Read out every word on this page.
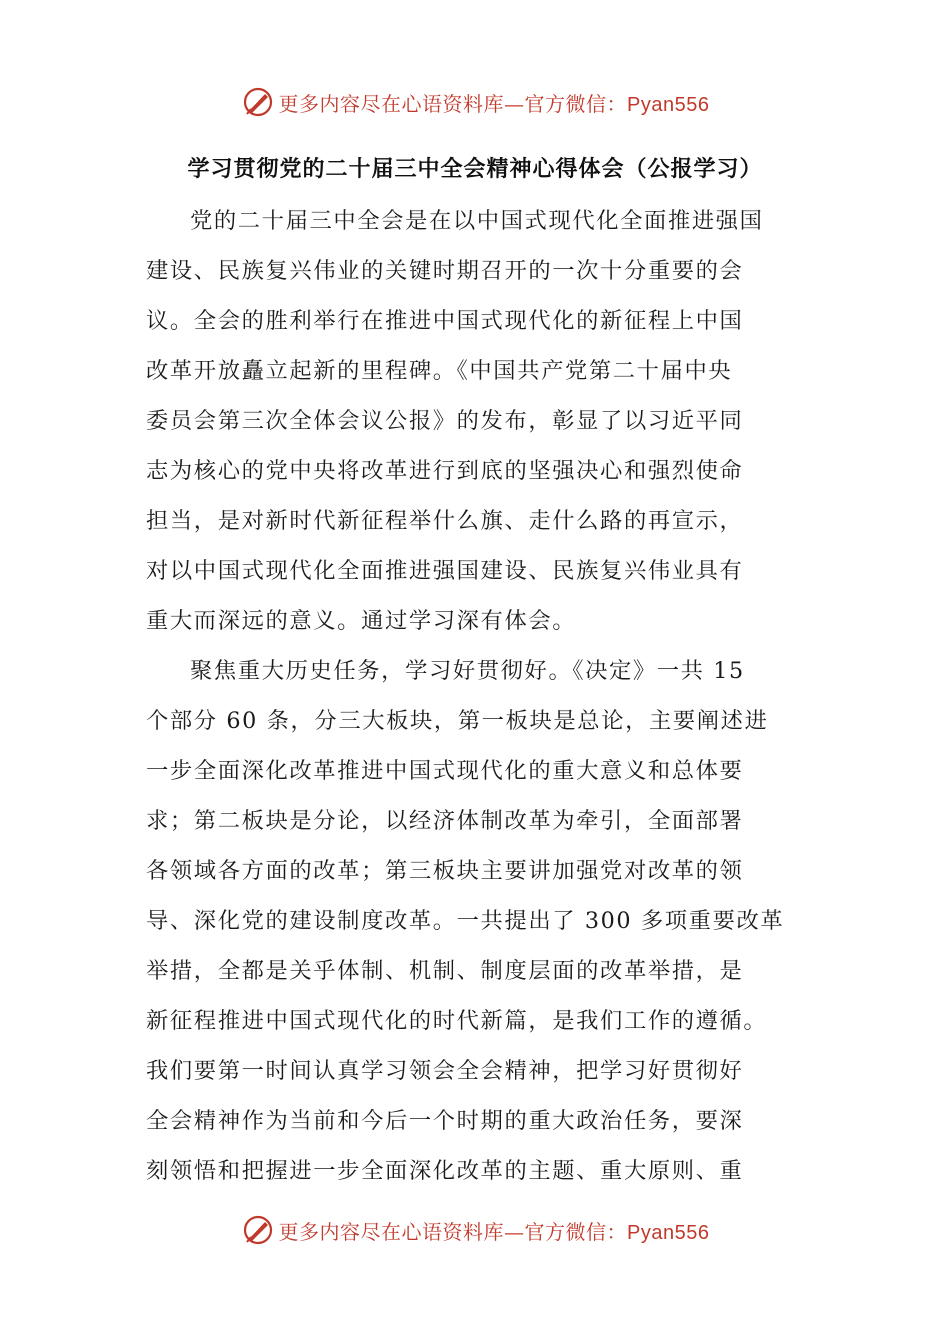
更多内容尽在心语资料库—官方微信：Pyan556
学习贯彻党的二十届三中全会精神心得体会（公报学习）
党的二十届三中全会是在以中国式现代化全面推进强国
建设、民族复兴伟业的关键时期召开的一次十分重要的会
议。全会的胜利举行在推进中国式现代化的新征程上中国
改革开放矗立起新的里程碑。《中国共产党第二十届中央
委员会第三次全体会议公报》的发布，彰显了以习近平同
志为核心的党中央将改革进行到底的坚强决心和强烈使命
担当，是对新时代新征程举什么旗、走什么路的再宣示，
对以中国式现代化全面推进强国建设、民族复兴伟业具有
重大而深远的意义。通过学习深有体会。
聚焦重大历史任务，学习好贯彻好。《决定》一共 15
个部分 60 条，分三大板块，第一板块是总论，主要阐述进
一步全面深化改革推进中国式现代化的重大意义和总体要
求；第二板块是分论，以经济体制改革为牵引，全面部署
各领域各方面的改革；第三板块主要讲加强党对改革的领
导、深化党的建设制度改革。一共提出了 300 多项重要改革
举措，全都是关乎体制、机制、制度层面的改革举措，是
新征程推进中国式现代化的时代新篇，是我们工作的遵循。
我们要第一时间认真学习领会全会精神，把学习好贯彻好
全会精神作为当前和今后一个时期的重大政治任务，要深
刻领悟和把握进一步全面深化改革的主题、重大原则、重
更多内容尽在心语资料库—官方微信：Pyan556
